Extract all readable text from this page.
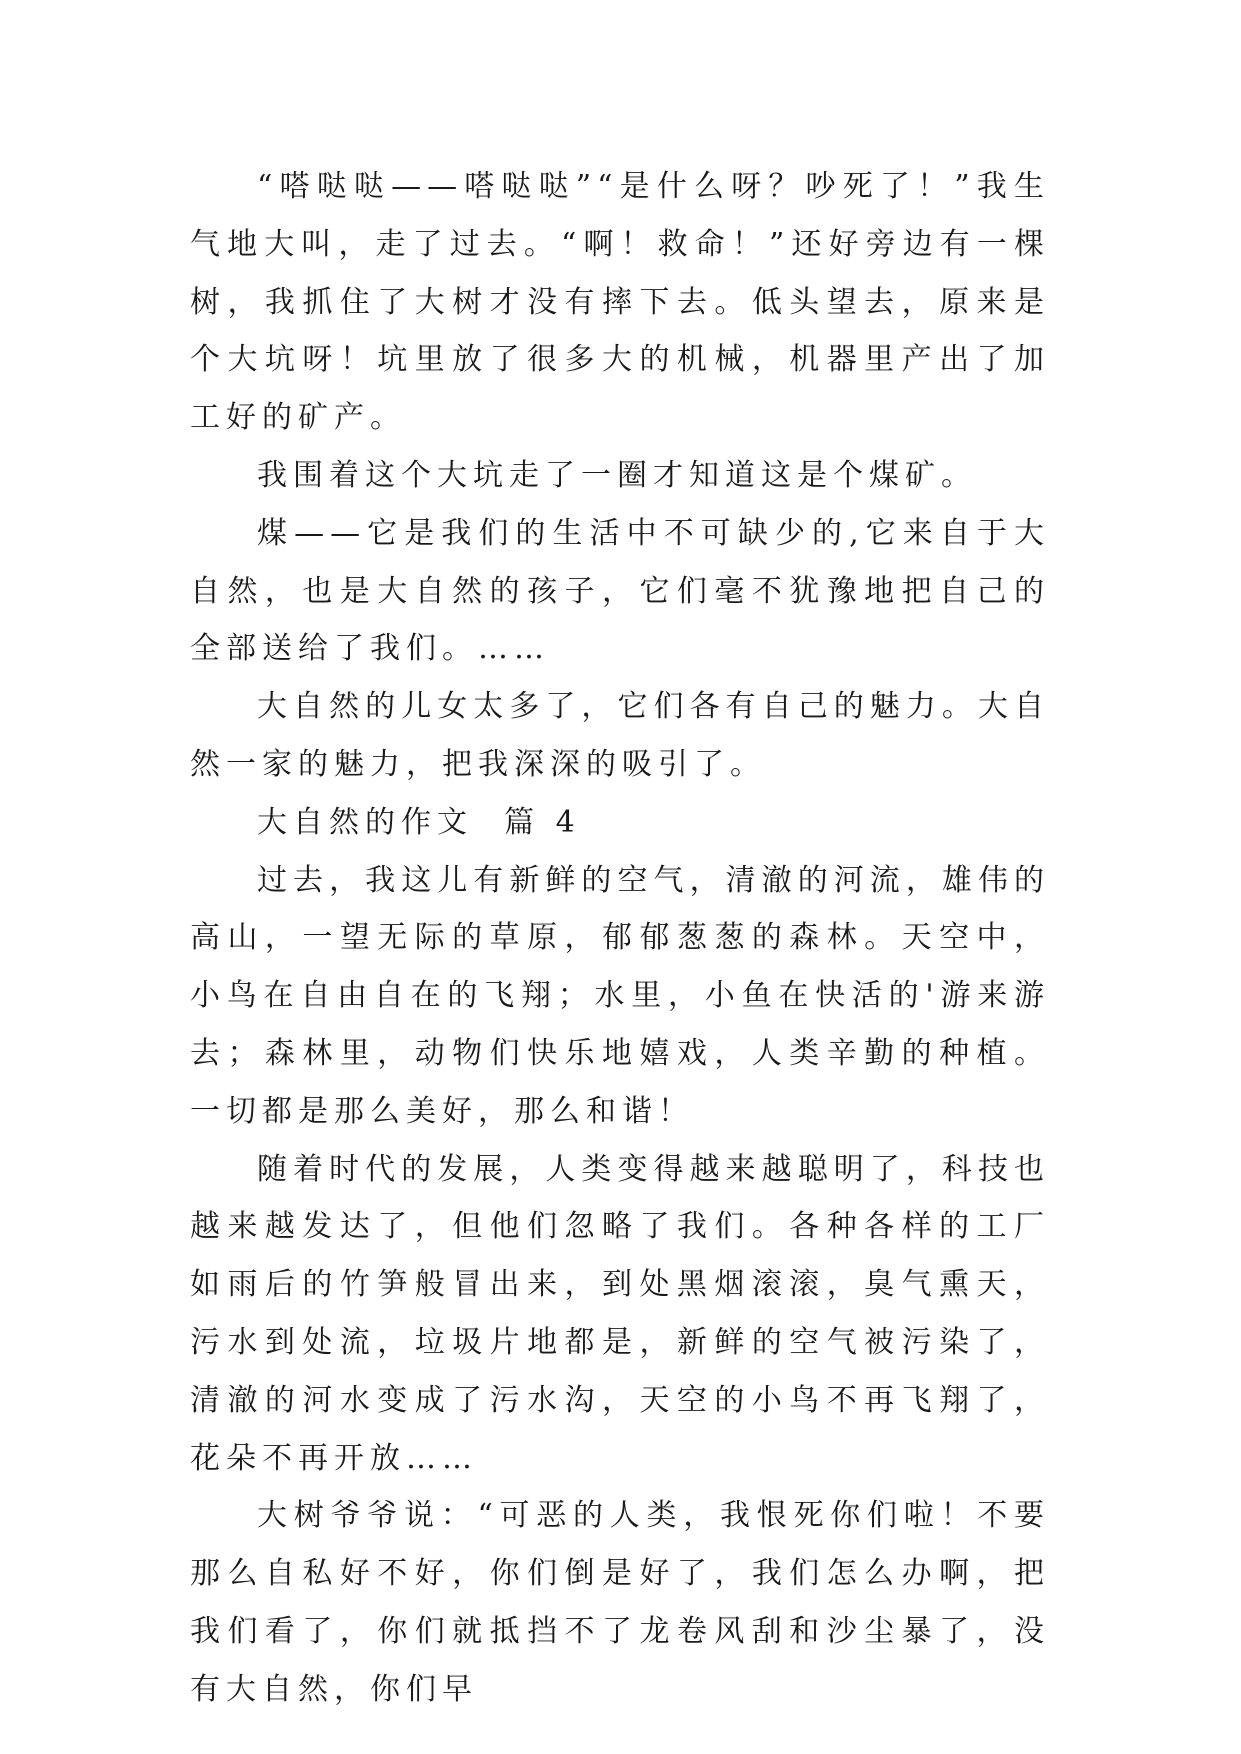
“嗒哒哒——嗒哒哒”“是什么呀？吵死了！”我生气地大叫，走了过去。“啊！救命！”还好旁边有一棵树，我抓住了大树才没有摔下去。低头望去，原来是个大坑呀！坑里放了很多大的机械，机器里产出了加工好的矿产。

我围着这个大坑走了一圈才知道这是个煤矿。

煤——它是我们的生活中不可缺少的,它来自于大自然，也是大自然的孩子，它们毫不犹豫地把自己的全部送给了我们。……

大自然的儿女太多了，它们各有自己的魅力。大自然一家的魅力，把我深深的吸引了。

大自然的作文  篇 4

过去，我这儿有新鲜的空气，清澈的河流，雄伟的高山，一望无际的草原，郁郁葱葱的森林。天空中，小鸟在自由自在的飞翔；水里，小鱼在快活的'游来游去；森林里，动物们快乐地嬉戏，人类辛勤的种植。一切都是那么美好，那么和谐！

随着时代的发展，人类变得越来越聪明了，科技也越来越发达了，但他们忽略了我们。各种各样的工厂如雨后的竹笋般冒出来，到处黑烟滚滚，臭气熏天，污水到处流，垃圾片地都是，新鲜的空气被污染了，清澈的河水变成了污水沟，天空的小鸟不再飞翔了，花朵不再开放……

大树爷爷说：“可恶的人类，我恨死你们啦！不要那么自私好不好，你们倒是好了，我们怎么办啊，把我们看了，你们就抵挡不了龙卷风刮和沙尘暴了，没有大自然，你们早
